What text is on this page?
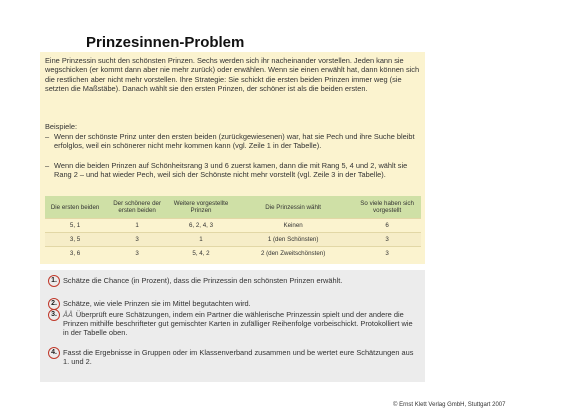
Prinzesinnen-Problem
Eine Prinzessin sucht den schönsten Prinzen. Sechs werden sich ihr nacheinander vorstellen. Jeden kann sie wegschicken (er kommt dann aber nie mehr zurück) oder erwählen. Wenn sie einen erwählt hat, dann können sich die restlichen aber nicht mehr vorstellen. Ihre Strategie: Sie schickt die ersten beiden Prinzen immer weg (sie setzten die Maßstäbe). Danach wählt sie den ersten Prinzen, der schöner ist als die beiden ersten.
Beispiele:
– Wenn der schönste Prinz unter den ersten beiden (zurückgewiesenen) war, hat sie Pech und ihre Suche bleibt erfolglos, weil ein schönerer nicht mehr kommen kann (vgl. Zeile 1 in der Tabelle).
– Wenn die beiden Prinzen auf Schönheitsrang 3 und 6 zuerst kamen, dann die mit Rang 5, 4 und 2, wählt sie Rang 2 – und hat wieder Pech, weil sich der Schönste nicht mehr vorstellt (vgl. Zeile 3 in der Tabelle).
Die ersten beiden	Der schönere der ersten beiden	Weitere vorgestellte Prinzen	Die Prinzessin wählt	So viele haben sich vorgestellt
5, 1	1	6, 2, 4, 3	Keinen	6
3, 5	3	1	1 (den Schönsten)	3
3, 6	3	5, 4, 2	2 (den Zweitschönsten)	3
1. Schätze die Chance (in Prozent), dass die Prinzessin den schönsten Prinzen erwählt.
2. Schätze, wie viele Prinzen sie im Mittel begutachten wird.
3. ÅÅ Überprüft eure Schätzungen, indem ein Partner die wählerische Prinzessin spielt und der andere die Prinzen mithilfe beschrifteter gut gemischter Karten in zufälliger Reihenfolge vorbeischickt. Protokolliert wie in der Tabelle oben.
4. Fasst die Ergebnisse in Gruppen oder im Klassenverband zusammen und be wertet eure Schätzungen aus 1. und 2.
© Ernst Klett Verlag GmbH, Stuttgart 2007
